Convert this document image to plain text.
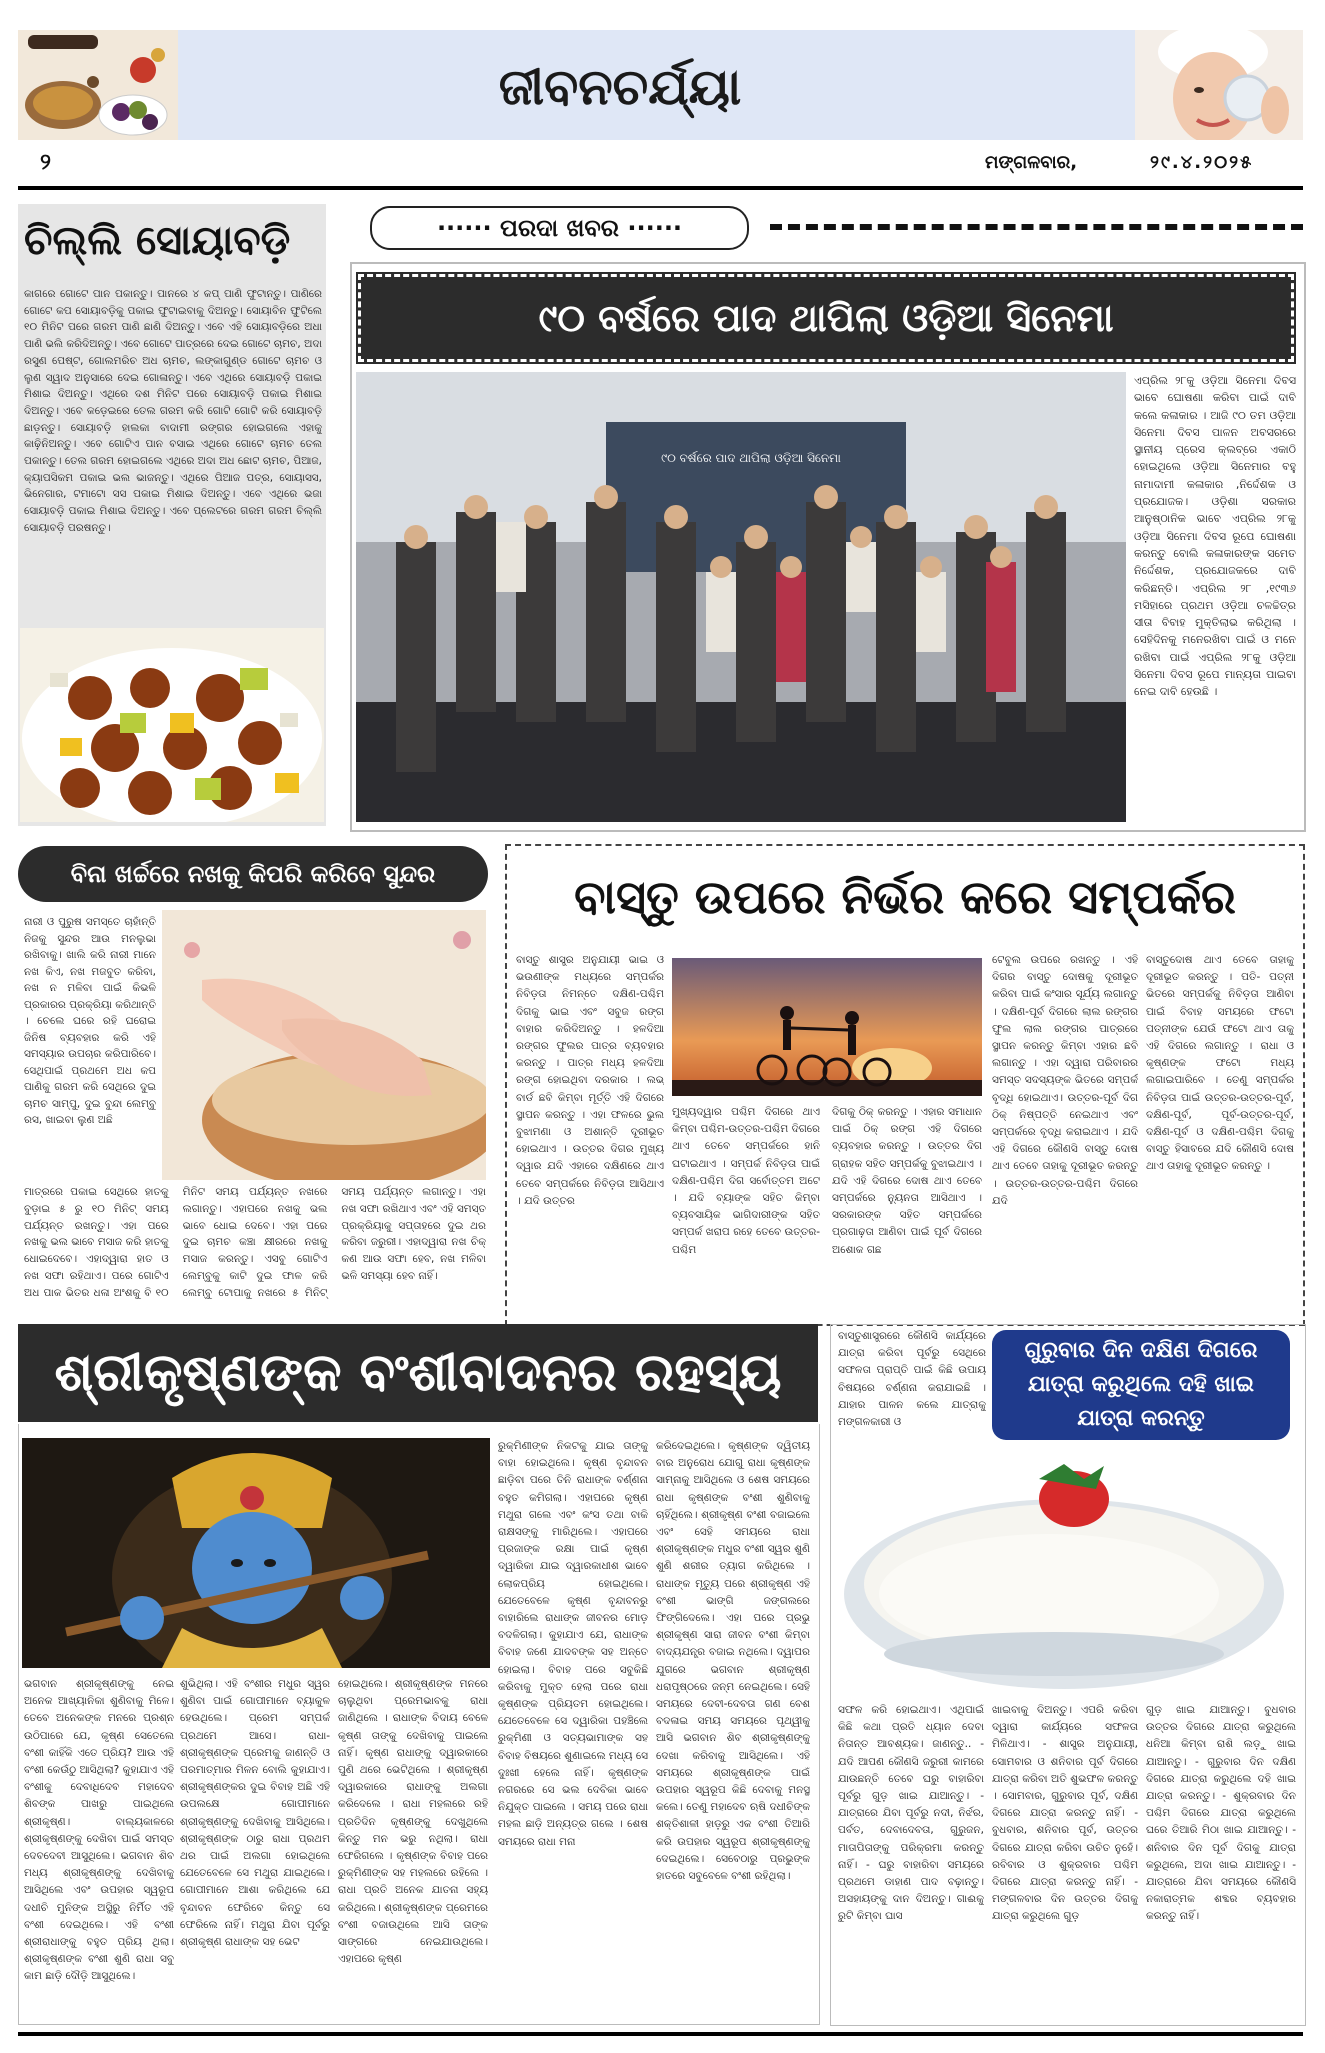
ଜୀବନଚର୍ଯ୍ୟା
୨	ମଙ୍ଗଳବାର,	୨୯.୪.୨୦୨୫
ଚିଲ୍ଲି ସୋୟାବଡ଼ି
କାଗରେ ଗୋଟେ ପାନ ପକାନ୍ତୁ। ପାନରେ ୪ କପ୍‌ ପାଣି ଫୁଟାନ୍ତୁ। ପାଣିରେ ଗୋଟେ କପ ସୋୟାବଡ଼ିକୁ ପକାଇ ଫୁଟାଇବାକୁ ଦିଅନ୍ତୁ। ସୋୟାବିନ ଫୁଟିଲେ ୧୦ ମିନିଟ ପରେ ଗରମ ପାଣି ଛାଣି ଦିଅନ୍ତୁ। ଏବେ ଏହି ସୋୟାବଡ଼ିରେ ଅଧା ପାଣି ଭଲି କରିଦିଅନ୍ତୁ। ଏବେ ଗୋଟେ ପାତ୍ରରେ ଦେଇ ଗୋଟେ ଚାମଚ, ଅଦା ରସୁଣ ପେଷ୍ଟ, ଗୋଲମରିଚ ଅଧ ଚାମଚ, ଲଙ୍କାଗୁଣ୍ଡ ଗୋଟେ ଚାମଚ ଓ ଲୁଣ ସ୍ୱାଦ ଅନୁସାରେ ଦେଇ ଗୋଳାନ୍ତୁ। ଏବେ ଏଥିରେ ସୋୟାବଡ଼ି ପକାଇ ମିଶାଇ ଦିଅନ୍ତୁ। ଏଥିରେ ଦଶ ମିନିଟ ପରେ ସୋୟାବଡ଼ି ପକାଇ ମିଶାଇ ଦିଅନ୍ତୁ। ଏବେ କଡ଼େଇରେ ତେଲ ଗରମ କରି ଗୋଟି ଗୋଟି କରି ସୋୟାବଡ଼ି ଛାଡ଼ନ୍ତୁ। ସୋୟାବଡ଼ି ହାଲକା ବାଦାମୀ ରଙ୍ଗର ହୋଇଗଲେ ଏହାକୁ କାଢ଼ିନିଅନ୍ତୁ। ଏବେ ଗୋଟିଏ ପାନ ବସାଇ ଏଥିରେ ଗୋଟେ ଚାମଚ ତେଲ ପକାନ୍ତୁ। ତେଲ ଗରମ ହୋଇଗଲେ ଏଥିରେ ଅଦା ଅଧ ଛୋଟ ଚାମଚ, ପିଆଜ, କ୍ୟାପସିକମ ପକାଇ ଭଲ ଭାଜନ୍ତୁ। ଏଥିରେ ପିଆଜ ପତ୍ର, ସୋୟାସସ, ଭିନେଗାର, ଟମାଟୋ ସସ ପକାଇ ମିଶାଇ ଦିଅନ୍ତୁ। ଏବେ ଏଥିରେ ଭଜା ସୋୟାବଡ଼ି ପକାଇ ମିଶାଇ ଦିଅନ୍ତୁ। ଏବେ ପ୍ଲେଟରେ ଗରମ ଗରମ ଚିଲ୍ଲି ସୋୟାବଡ଼ି ପରଷନ୍ତୁ।
······ ପରଦା ଖବର ······
୯୦ ବର୍ଷରେ ପାଦ ଥାପିଲା ଓଡ଼ିଆ ସିନେମା
୯୦ ବର୍ଷରେ ପାଦ ଥାପିଲା ଓଡ଼ିଆ ସିନେମା
ଏପ୍ରିଲ ୨୮କୁ ଓଡ଼ିଆ ସିନେମା ଦିବସ ଭାବେ ଘୋଷଣା କରିବା ପାଇଁ ଦାବି କଲେ କଳାକାର । ଆଜି ୯୦ ତମ ଓଡ଼ିଆ ସିନେମା ଦିବସ ପାଳନ ଅବସରରେ ସ୍ଥାନୀୟ ପ୍ରେସ କ୍ଲବ୍‌ରେ ଏକାଠି ହୋଇଥିଲେ ଓଡ଼ିଆ ସିନେମାର ବହୁ ନାମାଦାମୀ କଳାକାର ,ନିର୍ଦ୍ଦେଶକ ଓ ପ୍ରଯୋଜକ। ଓଡ଼ିଶା ସରକାର ଆନୁଷ୍ଠାନିକ ଭାବେ ଏପ୍ରିଲ ୨୮କୁ ଓଡ଼ିଆ ସିନେମା ଦିବସ ରୂପେ ଘୋଷଣା କରନ୍ତୁ ବୋଲି କଳାକାରଙ୍କ ସମେତ ନିର୍ଦ୍ଦେଶକ, ପ୍ରଯୋଜକରେ ଦାବି କରିଛନ୍ତି। ଏପ୍ରିଲ ୨୮ ,୧୯୩୬ ମସିହାରେ ପ୍ରଥମ ଓଡ଼ିଆ ଚଳଚ୍ଚିତ୍ର ସୀତା ବିବାହ ମୁକ୍ତିଲାଭ କରିଥିଲା । ସେହିଦିନକୁ ମନେରଖିବା ପାଇଁ ଓ ମନେ ରଖିବା ପାଇଁ ଏପ୍ରିଲ ୨୮କୁ ଓଡ଼ିଆ ସିନେମା ଦିବସ ରୂପେ ମାନ୍ୟତା ପାଇବା ନେଇ ଦାବି ହେଉଛି ।
ବିନା ଖର୍ଚ୍ଚରେ ନଖକୁ କିପରି କରିବେ ସୁନ୍ଦର
ନାରୀ ଓ ପୁରୁଷ ସମସ୍ତେ ଚାହାଁନ୍ତି ନିଜକୁ ସୁନ୍ଦର ଆଉ ମନଲୁଭା ରଖିବାକୁ। ଖାଲି କରି ନାରୀ ମାନେ ନଖ କିଏ, ନଖ ମଜବୁତ କରିବା, ନଖ ନ ମଳିବା ପାଇଁ କିଭଳି ପ୍ରକାରର ପ୍ରକ୍ରିୟା କରିଥାନ୍ତି । ଚେଲେ ଘରେ ରହି ଘରୋଇ ଜିନିଷ ବ୍ୟବହାର କରି ଏହି ସମସ୍ୟାର ଉପଚାର କରିପାରିବେ। ସେଥିପାଇଁ ପ୍ରଥମେ ଅଧ କପ ପାଣିକୁ ଗରମ କରି ସେଥିରେ ଦୁଇ ଚାମଚ ସାମ୍ପୁ, ଦୁଇ ବୁନ୍ଦା ଲେମ୍ବୁ ରସ, ଖାଇବା ଲୁଣ ଅଛି
ମାତ୍ରରେ ପକାଇ ସେଥିରେ ହାତକୁ ବୁଡ଼ାଇ ୫ ରୁ ୧୦ ମିନିଟ୍ ସମୟ ପର୍ଯ୍ୟନ୍ତ ରଖନ୍ତୁ। ଏହା ପରେ ନଖକୁ ଭଲ ଭାବେ ମସାଜ କରି ହାତକୁ ଧୋଇଦେବେ। ଏହାଦ୍ୱାରା ହାତ ଓ ନଖ ସଫା ରହିଥାଏ। ପରେ ଗୋଟିଏ ଅଧ ପାକ ଭିତର ଧଳା ଅଂଶକୁ ବି ୧୦ ମିନିଟ ସମୟ ପର୍ଯ୍ୟନ୍ତ ନଖରେ ଲଗାନ୍ତୁ। ଏହାପରେ ନଖକୁ ଭଲ ଭାବେ ଧୋଇ ଦେବେ। ଏହା ପରେ ଦୁଇ ଚାମଚ କଞ୍ଚା କ୍ଷୀରରେ ନଖକୁ ମସାଜ କରନ୍ତୁ। ଏସବୁ ଗୋଟିଏ ଲେମ୍ବୁକୁ କାଟି ଦୁଇ ଫାଳ କରି ଲେମ୍ବୁ ଟୋପାକୁ ନଖରେ ୫ ମିନିଟ୍ ସମୟ ପର୍ଯ୍ୟନ୍ତ ଲଗାନ୍ତୁ। ଏହା ନଖ ସଫା ରଖିଥାଏ ଏବଂ ଏହି ସମସ୍ତ ପ୍ରକ୍ରିୟାକୁ ସପ୍ତାହରେ ଦୁଇ ଥର କରିବା ଜରୁରୀ। ଏହାଦ୍ୱାରା ନଖ ଚିକ୍‌ କଣ ଆଉ ସଫା ହେବ, ନଖ ମଳିବା ଭଳି ସମସ୍ୟା ହେବ ନାହିଁ।
ବାସ୍ତୁ ଉପରେ ନିର୍ଭର କରେ ସମ୍ପର୍କର
ବାସ୍ତୁ ଶାସ୍ତ୍ର ଅନୁଯାୟୀ ଭାଇ ଓ ଭଉଣୀଙ୍କ ମଧ୍ୟରେ ସମ୍ପର୍କର ନିବିଡ଼ତା ନିମନ୍ତେ ଦକ୍ଷିଣ-ପଶ୍ଚିମ ଦିଗକୁ ଭାଇ ଏବଂ ସବୁଜ ରଙ୍ଗ ବାହାର କରିଦିଅନ୍ତୁ । ହଳଦିଆ ରଙ୍ଗର ଫୁଲର ପାତ୍ର ବ୍ୟବହାର କରନ୍ତୁ । ପାତ୍ର ମଧ୍ୟ ହଳଦିଆ ରଙ୍ଗ ହୋଇଥିବା ଦରକାର । ଲଭ୍ ବାର୍ଡ ଛବି କିମ୍ବା ମୂର୍ତ୍ତି ଏହି ଦିଗରେ ସ୍ଥାପନ କରନ୍ତୁ । ଏହା ଫଳରେ ଭୁଲ ବୁଝାମଣା ଓ ଅଶାନ୍ତି ଦୂରୀଭୂତ ହୋଇଥାଏ । ଉତ୍ତର ଦିଗର ମୁଖ୍ୟ ଦ୍ୱାର ଯଦି ଏହାରେ ଦକ୍ଷିଣରେ ଥାଏ ତେବେ ସମ୍ପର୍କରେ ନିବିଡ଼ତା ଆସିଥାଏ । ଯଦି ଉତ୍ତର
ମୁଖ୍ୟଦ୍ୱାର ପଶ୍ଚିମ ଦିଗରେ ଥାଏ କିମ୍ବା ପଶ୍ଚିମ-ଉତ୍ତର-ପଶ୍ଚିମ ଦିଗରେ ଥାଏ ତେବେ ସମ୍ପର୍କରେ ହାନି ଘଟାଇଥାଏ । ସମ୍ପର୍କ ନିବିଡ଼ତା ପାଇଁ ଦକ୍ଷିଣ-ପଶ୍ଚିମ ଦିଗ ସର୍ବୋତ୍ତମ ଅଟେ । ଯଦି ବ୍ୟାଙ୍କ ସହିତ କିମ୍ବା ବ୍ୟବସାୟିକ ଭାଗିଦାରୀଙ୍କ ସହିତ ସମ୍ପର୍କ ଖରାପ ରହେ ତେବେ ଉତ୍ତର-ପଶ୍ଚିମ
ଦିଗକୁ ଠିକ୍ କରନ୍ତୁ । ଏହାର ସମାଧାନ ପାଇଁ ଠିକ୍ ରଙ୍ଗ ଏହି ଦିଗରେ ବ୍ୟବହାର କରନ୍ତୁ । ଉତ୍ତର ଦିଗ ଗ୍ରାହକ ସହିତ ସମ୍ପର୍କକୁ ବୁଝାଇଥାଏ । ଯଦି ଏହି ଦିଗରେ ଦୋଷ ଥାଏ ତେବେ ସମ୍ପର୍କରେ ନ୍ୟୁନତା ଆସିଥାଏ । ସରକାରଙ୍କ ସହିତ ସମ୍ପର୍କରେ ପ୍ରଗାଢ଼ତା ଆଣିବା ପାଇଁ ପୂର୍ବ ଦିଗରେ ଅଶୋକ ଗଛ
ଟେବୁଲ ଉପରେ ରଖନ୍ତୁ । ଏହି ଦିଗର ବାସ୍ତୁ ଦୋଷକୁ ଦୂରୀଭୂତ କରିବା ପାଇଁ କଂସାର ସୂର୍ଯ୍ୟ ଲଗାନ୍ତୁ । ଦକ୍ଷିଣ-ପୂର୍ବ ଦିଗରେ ଲାଲ ରଙ୍ଗର ଫୁଲ ଲାଲ ରଙ୍ଗର ପାତ୍ରରେ ସ୍ଥାପନ କରନ୍ତୁ କିମ୍ବା ଏହାର ଛବି ଲଗାନ୍ତୁ । ଏହା ଦ୍ୱାରା ପରିବାରର ସମସ୍ତ ସଦସ୍ୟଙ୍କ ଭିତରେ ସମ୍ପର୍କ ବୃଦ୍ଧି ହୋଇଥାଏ। ଉତ୍ତର-ପୂର୍ବ ଦିଗ ଠିକ୍ ନିଷ୍ପତ୍ତି ନେଇଥାଏ ଏବଂ ସମ୍ପର୍କରେ ବୃଦ୍ଧି କରାଇଥାଏ । ଯଦି ଏହି ଦିଗରେ କୌଣସି ବାସ୍ତୁ ଦୋଷ ଥାଏ ତେବେ ତାହାକୁ ଦୂରୀଭୂତ କରନ୍ତୁ । ଉତ୍ତର-ଉତ୍ତର-ପଶ୍ଚିମ ଦିଗରେ ଯଦି
ବାସ୍ତୁଦୋଷ ଥାଏ ତେବେ ତାହାକୁ ଦୂରୀଭୂତ କରନ୍ତୁ । ପତି- ପତ୍ନୀ ଭିତରେ ସମ୍ପର୍କକୁ ନିବିଡ଼ତା ଆଣିବା ପାଇଁ ବିବାହ ସମୟରେ ଫଟୋ ପତ୍ନୀଙ୍କ ଯେଉଁ ଫଟୋ ଥାଏ ତାକୁ ଏହି ଦିଗରେ ଲଗାନ୍ତୁ । ରାଧା ଓ କୃଷ୍ଣଙ୍କ ଫଟୋ ମଧ୍ୟ ଲଗାଇପାରିବେ । ତେଣୁ ସମ୍ପର୍କର ନିବିଡ଼ତା ପାଇଁ ଉତ୍ତର-ଉତ୍ତର-ପୂର୍ବ, ଦକ୍ଷିଣ-ପୂର୍ବ, ପୂର୍ବ-ଉତ୍ତର-ପୂର୍ବ, ଦକ୍ଷିଣ-ପୂର୍ବ ଓ ଦକ୍ଷିଣ-ପଶ୍ଚିମ ଦିଗକୁ ବାସ୍ତୁ ହିସାବରେ ଯଦି କୌଣସି ଦୋଷ ଥାଏ ତାହାକୁ ଦୂରୀଭୂତ କରନ୍ତୁ ।
ଶ୍ରୀକୃଷ୍ଣଙ୍କ ବଂଶୀବାଦନର ରହସ୍ୟ
ରୁକ୍ମିଣୀଙ୍କ ନିକଟକୁ ଯାଇ ତାଙ୍କୁ ବାହା ହୋଇଥିଲେ। କୃଷ୍ଣ ବୃନ୍ଦାବନ ଛାଡ଼ିବା ପରେ ତିନି ରାଧାଙ୍କ ବର୍ଣ୍ଣନା ବହୁତ କମିଗଲା। ଏହାପରେ କୃଷ୍ଣ ମଥୁରା ଗଲେ ଏବଂ କଂସ ତଥା ବାକି ରାକ୍ଷସଙ୍କୁ ମାରିଥିଲେ। ଏହାପରେ ପ୍ରଜାଙ୍କ ରକ୍ଷା ପାଇଁ କୃଷ୍ଣ ଦ୍ୱାରିକା ଯାଇ ଦ୍ୱାରକାଧୀଶ ଭାବେ ଲୋକପ୍ରିୟ ହୋଇଥିଲେ। ଯେତେବେଳେ କୃଷ୍ଣ ବୃନ୍ଦାବନରୁ ବାହାରିଲେ ରାଧାଙ୍କ ଜୀବନର ମୋଡ଼ ବଦଳିଗଲା। କୁହାଯାଏ ଯେ, ରାଧାଙ୍କ ବିବାହ ଜଣେ ଯାଦବଙ୍କ ସହ ଅନ୍ତେ ହୋଇଲା। ବିବାହ ପରେ ସବୁକିଛି କରିବାକୁ ମୁକ୍ତ ହେଲା ପରେ ରାଧା କୃଷ୍ଣଙ୍କ ପ୍ରିୟତମ ହୋଇଥିଲେ। ଯେତେବେଳେ ସେ ଦ୍ୱାରିକା ପହଞ୍ଚିଲେ ରୁକ୍ମିଣୀ ଓ ସତ୍ୟଭାମାଙ୍କ ସହ ବିବାହ ବିଷୟରେ ଶୁଣାଇଲେ ମଧ୍ୟ ସେ ଦୁଃଖୀ ହେଲେ ନାହିଁ। କୃଷ୍ଣଙ୍କ ନଗରରେ ସେ ଭଲ ଦେବିକା ଭାବେ ନିଯୁକ୍ତ ପାଇଲେ । ସମୟ ପରେ ରାଧା ମହଲ ଛାଡ଼ି ଅନ୍ୟତ୍ର ଗଲେ । ଶେଷ ସମୟରେ ରାଧା ମନା
କରିଦେଇଥିଲେ। କୃଷ୍ଣଙ୍କ ଦ୍ୱିତୀୟ ବାର ଅନୁରୋଧ ଯୋଗୁ ରାଧା କୃଷ୍ଣଙ୍କ ସାମ୍ନାକୁ ଆସିଥିଲେ ଓ ଶେଷ ସମୟରେ ରାଧା କୃଷ୍ଣଙ୍କ ବଂଶୀ ଶୁଣିବାକୁ ଚାହିଁଥିଲେ। ଶ୍ରୀକୃଷ୍ଣ ବଂଶୀ ବଜାଇଲେ ଏବଂ ସେହି ସମୟରେ ରାଧା ଶ୍ରୀକୃଷ୍ଣଙ୍କ ମଧୁର ବଂଶୀ ସ୍ୱର ଶୁଣି ଶୁଣି ଶରୀର ତ୍ୟାଗ କରିଥିଲେ । ରାଧାଙ୍କ ମୃତ୍ୟୁ ପରେ ଶ୍ରୀକୃଷ୍ଣ ଏହି ବଂଶୀ ଭାଙ୍ଗି ଜଙ୍ଗଲରେ ଫିଙ୍ଗିଦେଲେ। ଏହା ପରେ ପ୍ରଭୁ ଶ୍ରୀକୃଷ୍ଣ ସାରା ଜୀବନ ବଂଶୀ କିମ୍ବା ବାଦ୍ୟଯନ୍ତ୍ର ବଜାଇ ନଥିଲେ। ଦ୍ୱାପର ଯୁଗରେ ଭଗବାନ ଶ୍ରୀକୃଷ୍ଣ ଧରାପୃଷ୍ଠରେ ଜନ୍ମ ନେଇଥିଲେ। ସେହି ସମୟରେ ଦେବୀ-ଦେବତା ଗଣ ବେଶ ବଦଳାଇ ସମୟ ସମୟରେ ପୃଥ୍ୱୀକୁ ଆସି ଭଗବାନ ଶିବ ଶ୍ରୀକୃଷ୍ଣଙ୍କୁ ଦେଖା କରିବାକୁ ଆସିଥିଲେ। ଏହି ସମୟରେ ଶ୍ରୀକୃଷ୍ଣଙ୍କ ପାଇଁ ଉପହାର ସ୍ୱରୂପ କିଛି ଦେବାକୁ ମନସ୍ଥ କଲେ। ତେଣୁ ମହାଦେବ ଋଷି ଦଧୀଚିଙ୍କ ଶକ୍ତିଶାଳୀ ହାଡ଼ରୁ ଏକ ବଂଶୀ ତିଆରି କରି ଉପହାର ସ୍ୱରୂପ ଶ୍ରୀକୃଷ୍ଣଙ୍କୁ ଦେଇଥିଲେ। ସେବେଠାରୁ ପ୍ରଭୁଙ୍କ ହାତରେ ସବୁବେଳେ ବଂଶୀ ରହିଥିଲା।
ଭଗବାନ ଶ୍ରୀକୃଷ୍ଣଙ୍କୁ ନେଇ ଅନେକ ଆଖ୍ୟାନିକା ଶୁଣିବାକୁ ମିଳେ। ତେବେ ଅନେକଙ୍କ ମନରେ ପ୍ରଶ୍ନ ଉଠିପାରେ ଯେ, କୃଷ୍ଣ ସେତେଲେ ବଂଶୀ କାହିଁକି ଏତେ ପ୍ରିୟ? ଆଉ ଏହି ବଂଶୀ କେଉଁଠୁ ଆସିଥିଲା? କୁହାଯାଏ ଏହି ବଂଶୀକୁ ଦେବାଧିଦେବ ମହାଦେବ ଶିବଙ୍କ ପାଖରୁ ପାଇଥିଲେ ଶ୍ରୀକୃଷ୍ଣ। ବାଲ୍ୟକାଳରେ ଶ୍ରୀକୃଷ୍ଣଙ୍କୁ ଦେଖିବା ପାଇଁ ସମସ୍ତ ଦେବଦେବୀ ଆସୁଥିଲେ। ଭଗବାନ ଶିବ ମଧ୍ୟ ଶ୍ରୀକୃଷ୍ଣଙ୍କୁ ଦେଖିବାକୁ ଆସିଥିଲେ ଏବଂ ଉପହାର ସ୍ୱରୂପ ଦଧୀଚି ମୁନିଙ୍କ ଅସ୍ଥିରୁ ନିର୍ମିତ ଏହି ବଂଶୀ ଦେଇଥିଲେ। ଏହି ବଂଶୀ ଶ୍ରୀରାଧାଙ୍କୁ ବହୁତ ପ୍ରିୟ ଥିଲା। ଶ୍ରୀକୃଷ୍ଣଙ୍କ ବଂଶୀ ଶୁଣି ରାଧା ସବୁ କାମ ଛାଡ଼ି ଦୌଡ଼ି ଆସୁଥିଲେ।
ଶୁଭିଥିଲା। ଏହି ବଂଶୀର ମଧୁର ସ୍ୱର ଶୁଣିବା ପାଇଁ ଗୋପୀମାନେ ବ୍ୟାକୁଳ ହେଉଥିଲେ। ପ୍ରେମ ସମ୍ପର୍କ ପ୍ରଥମେ ଆସେ। ରାଧା-ଶ୍ରୀକୃଷ୍ଣଙ୍କ ପ୍ରେମକୁ ଜାଣନ୍ତି ଓ ପରମାତ୍ମାର ମିଳନ ବୋଲି କୁହାଯାଏ। ଶ୍ରୀକୃଷ୍ଣଙ୍କର ଦୁଇ ବିବାହ ଅଛି ଏହି ଉପଲକ୍ଷେ ଗୋପୀମାନେ ଶ୍ରୀକୃଷ୍ଣଙ୍କୁ ଦେଖିବାକୁ ଆସିଥିଲେ। ଶ୍ରୀକୃଷ୍ଣଙ୍କ ଠାରୁ ରାଧା ପ୍ରଥମ ଥର ପାଇଁ ଅଲଗା ହୋଇଥିଲେ ଯେତେବେଳେ ସେ ମଥୁରା ଯାଇଥିଲେ। ଗୋପୀମାନେ ଆଶା କରିଥିଲେ ଯେ ବୃନ୍ଦାବନ ଫେରିବେ କିନ୍ତୁ ସେ ଫେରିଲେ ନାହିଁ। ମଥୁରା ଯିବା ପୂର୍ବରୁ ଶ୍ରୀକୃଷ୍ଣ ରାଧାଙ୍କ ସହ ଭେଟ
ହୋଇଥିଲେ। ଶ୍ରୀକୃଷ୍ଣଙ୍କ ମନରେ ଚାଲୁଥିବା ପ୍ରେମଭାବକୁ ରାଧା ଜାଣିଥିଲେ । ରାଧାଙ୍କ ବିଦାୟ ବେଳେ କୃଷ୍ଣ ତାଙ୍କୁ ଦେଖିବାକୁ ପାଇଲେ ନାହିଁ। କୃଷ୍ଣ ରାଧାଙ୍କୁ ଦ୍ୱାରକାରେ ପୁଣି ଥରେ ଭେଟିଥିଲେ । ଶ୍ରୀକୃଷ୍ଣ ଦ୍ୱାରକାରେ ରାଧାଙ୍କୁ ଅଲଗା କରିଦେଲେ । ରାଧା ମହଲରେ ରହି ପ୍ରତିଦିନ କୃଷ୍ଣଙ୍କୁ ଦେଖୁଥିଲେ କିନ୍ତୁ ମନ ଭରୁ ନଥିଲା। ରାଧା ଫେରିଗଲେ । କୃଷ୍ଣଙ୍କ ବିବାହ ପରେ ରୁକ୍ମିଣୀଙ୍କ ସହ ମହଲରେ ରହିଲେ । ରାଧା ପ୍ରତି ଅନେକ ଯାତନା ସହ୍ୟ କରିଥିଲେ। ଶ୍ରୀକୃଷ୍ଣଙ୍କ ପ୍ରେମରେ ବଂଶୀ ବଜାଉଥିଲେ ଆସି ତାଙ୍କ ସାଙ୍ଗରେ ନେଇଯାଉଥିଲେ। ଏହାପରେ କୃଷ୍ଣ
ବାସ୍ତୁଶାସ୍ତ୍ରରେ କୌଣସି କାର୍ଯ୍ୟରେ ଯାତ୍ରା କରିବା ପୂର୍ବରୁ ସେଥିରେ ସଫଳତା ପ୍ରାପ୍ତି ପାଇଁ କିଛି ଉପାୟ ବିଷୟରେ ବର୍ଣ୍ଣନା କରାଯାଇଛି । ଯାହାର ପାଳନ କଲେ ଯାତ୍ରାକୁ ମଙ୍ଗଳକାରୀ ଓ
ଗୁରୁବାର ଦିନ ଦକ୍ଷିଣ ଦିଗରେ ଯାତ୍ରା କରୁଥିଲେ ଦହି ଖାଇ ଯାତ୍ରା କରନ୍ତୁ
ସଫଳ କରି ହୋଇଥାଏ। ଏଥିପାଇଁ କିଛି କଥା ପ୍ରତି ଧ୍ୟାନ ଦେବା ନିତାନ୍ତ ଆବଶ୍ୟକ। ଜାଣନ୍ତୁ.. - ଯଦି ଆପଣ କୌଣସି ଜରୁରୀ କାମରେ ଯାଉଛନ୍ତି ତେବେ ଘରୁ ବାହାରିବା ପୂର୍ବରୁ ଗୁଡ଼ ଖାଇ ଯାଆନ୍ତୁ। - ଯାତ୍ରାରେ ଯିବା ପୂର୍ବରୁ ନଦୀ, ନିର୍ଝର, ପର୍ବତ, ଦେବାଦେବତା, ଗୁରୁଜନ, ମାତାପିତାଙ୍କୁ ପରିକ୍ରମା କରନ୍ତୁ ନାହିଁ। - ଘରୁ ବାହାରିବା ସମୟରେ ପ୍ରଥମେ ଡାହାଣ ପାଦ ବଢ଼ାନ୍ତୁ। ଅସହାୟଙ୍କୁ ଦାନ ଦିଅନ୍ତୁ। ଗାଈକୁ ରୁଟି କିମ୍ବା ଘାସ
ଖାଇବାକୁ ଦିଅନ୍ତୁ। ଏପରି କରିବା ଦ୍ୱାରା କାର୍ଯ୍ୟରେ ସଫଳତା ମିଳିଥାଏ। - ଶାସ୍ତ୍ର ଅନୁଯାୟୀ, ସୋମବାର ଓ ଶନିବାର ପୂର୍ବ ଦିଗରେ ଯାତ୍ରା କରିବା ଅତି ଶୁଭଫଳ କରନ୍ତୁ । ସୋମବାର, ଗୁରୁବାର ପୂର୍ବ, ଦକ୍ଷିଣ ଦିଗରେ ଯାତ୍ରା କରନ୍ତୁ ନାହିଁ। - ବୁଧବାର, ଶନିବାର ପୂର୍ବ, ଉତ୍ତର ଦିଗରେ ଯାତ୍ରା କରିବା ଉଚିତ ନୁହେଁ। ରବିବାର ଓ ଶୁକ୍ରବାର ପଶ୍ଚିମ ଦିଗରେ ଯାତ୍ରା କରନ୍ତୁ ନାହିଁ। - ମଙ୍ଗଳବାର ଦିନ ଉତ୍ତର ଦିଗକୁ ଯାତ୍ରା କରୁଥିଲେ ଗୁଡ଼
ଗୁଡ଼ ଖାଇ ଯାଆନ୍ତୁ। ବୁଧବାର ଉତ୍ତର ଦିଗରେ ଯାତ୍ରା କରୁଥିଲେ ଧନିଆ କିମ୍ବା ରାଶି ଲଡ଼ୁ ଖାଇ ଯାଆନ୍ତୁ। - ଗୁରୁବାର ଦିନ ଦକ୍ଷିଣ ଦିଗରେ ଯାତ୍ରା କରୁଥିଲେ ଦହି ଖାଇ ଯାତ୍ରା କରନ୍ତୁ। - ଶୁକ୍ରବାର ଦିନ ପଶ୍ଚିମ ଦିଗରେ ଯାତ୍ରା କରୁଥିଲେ ଘରେ ତିଆରି ମିଠା ଖାଇ ଯାଆନ୍ତୁ। - ଶନିବାର ଦିନ ପୂର୍ବ ଦିଗକୁ ଯାତ୍ରା କରୁଥିଲେ, ଅଦା ଖାଇ ଯାଆନ୍ତୁ। - ଯାତ୍ରାରେ ଯିବା ସମୟରେ କୌଣସି ନକାରାତ୍ମକ ଶବ୍ଦର ବ୍ୟବହାର କରନ୍ତୁ ନାହିଁ।
